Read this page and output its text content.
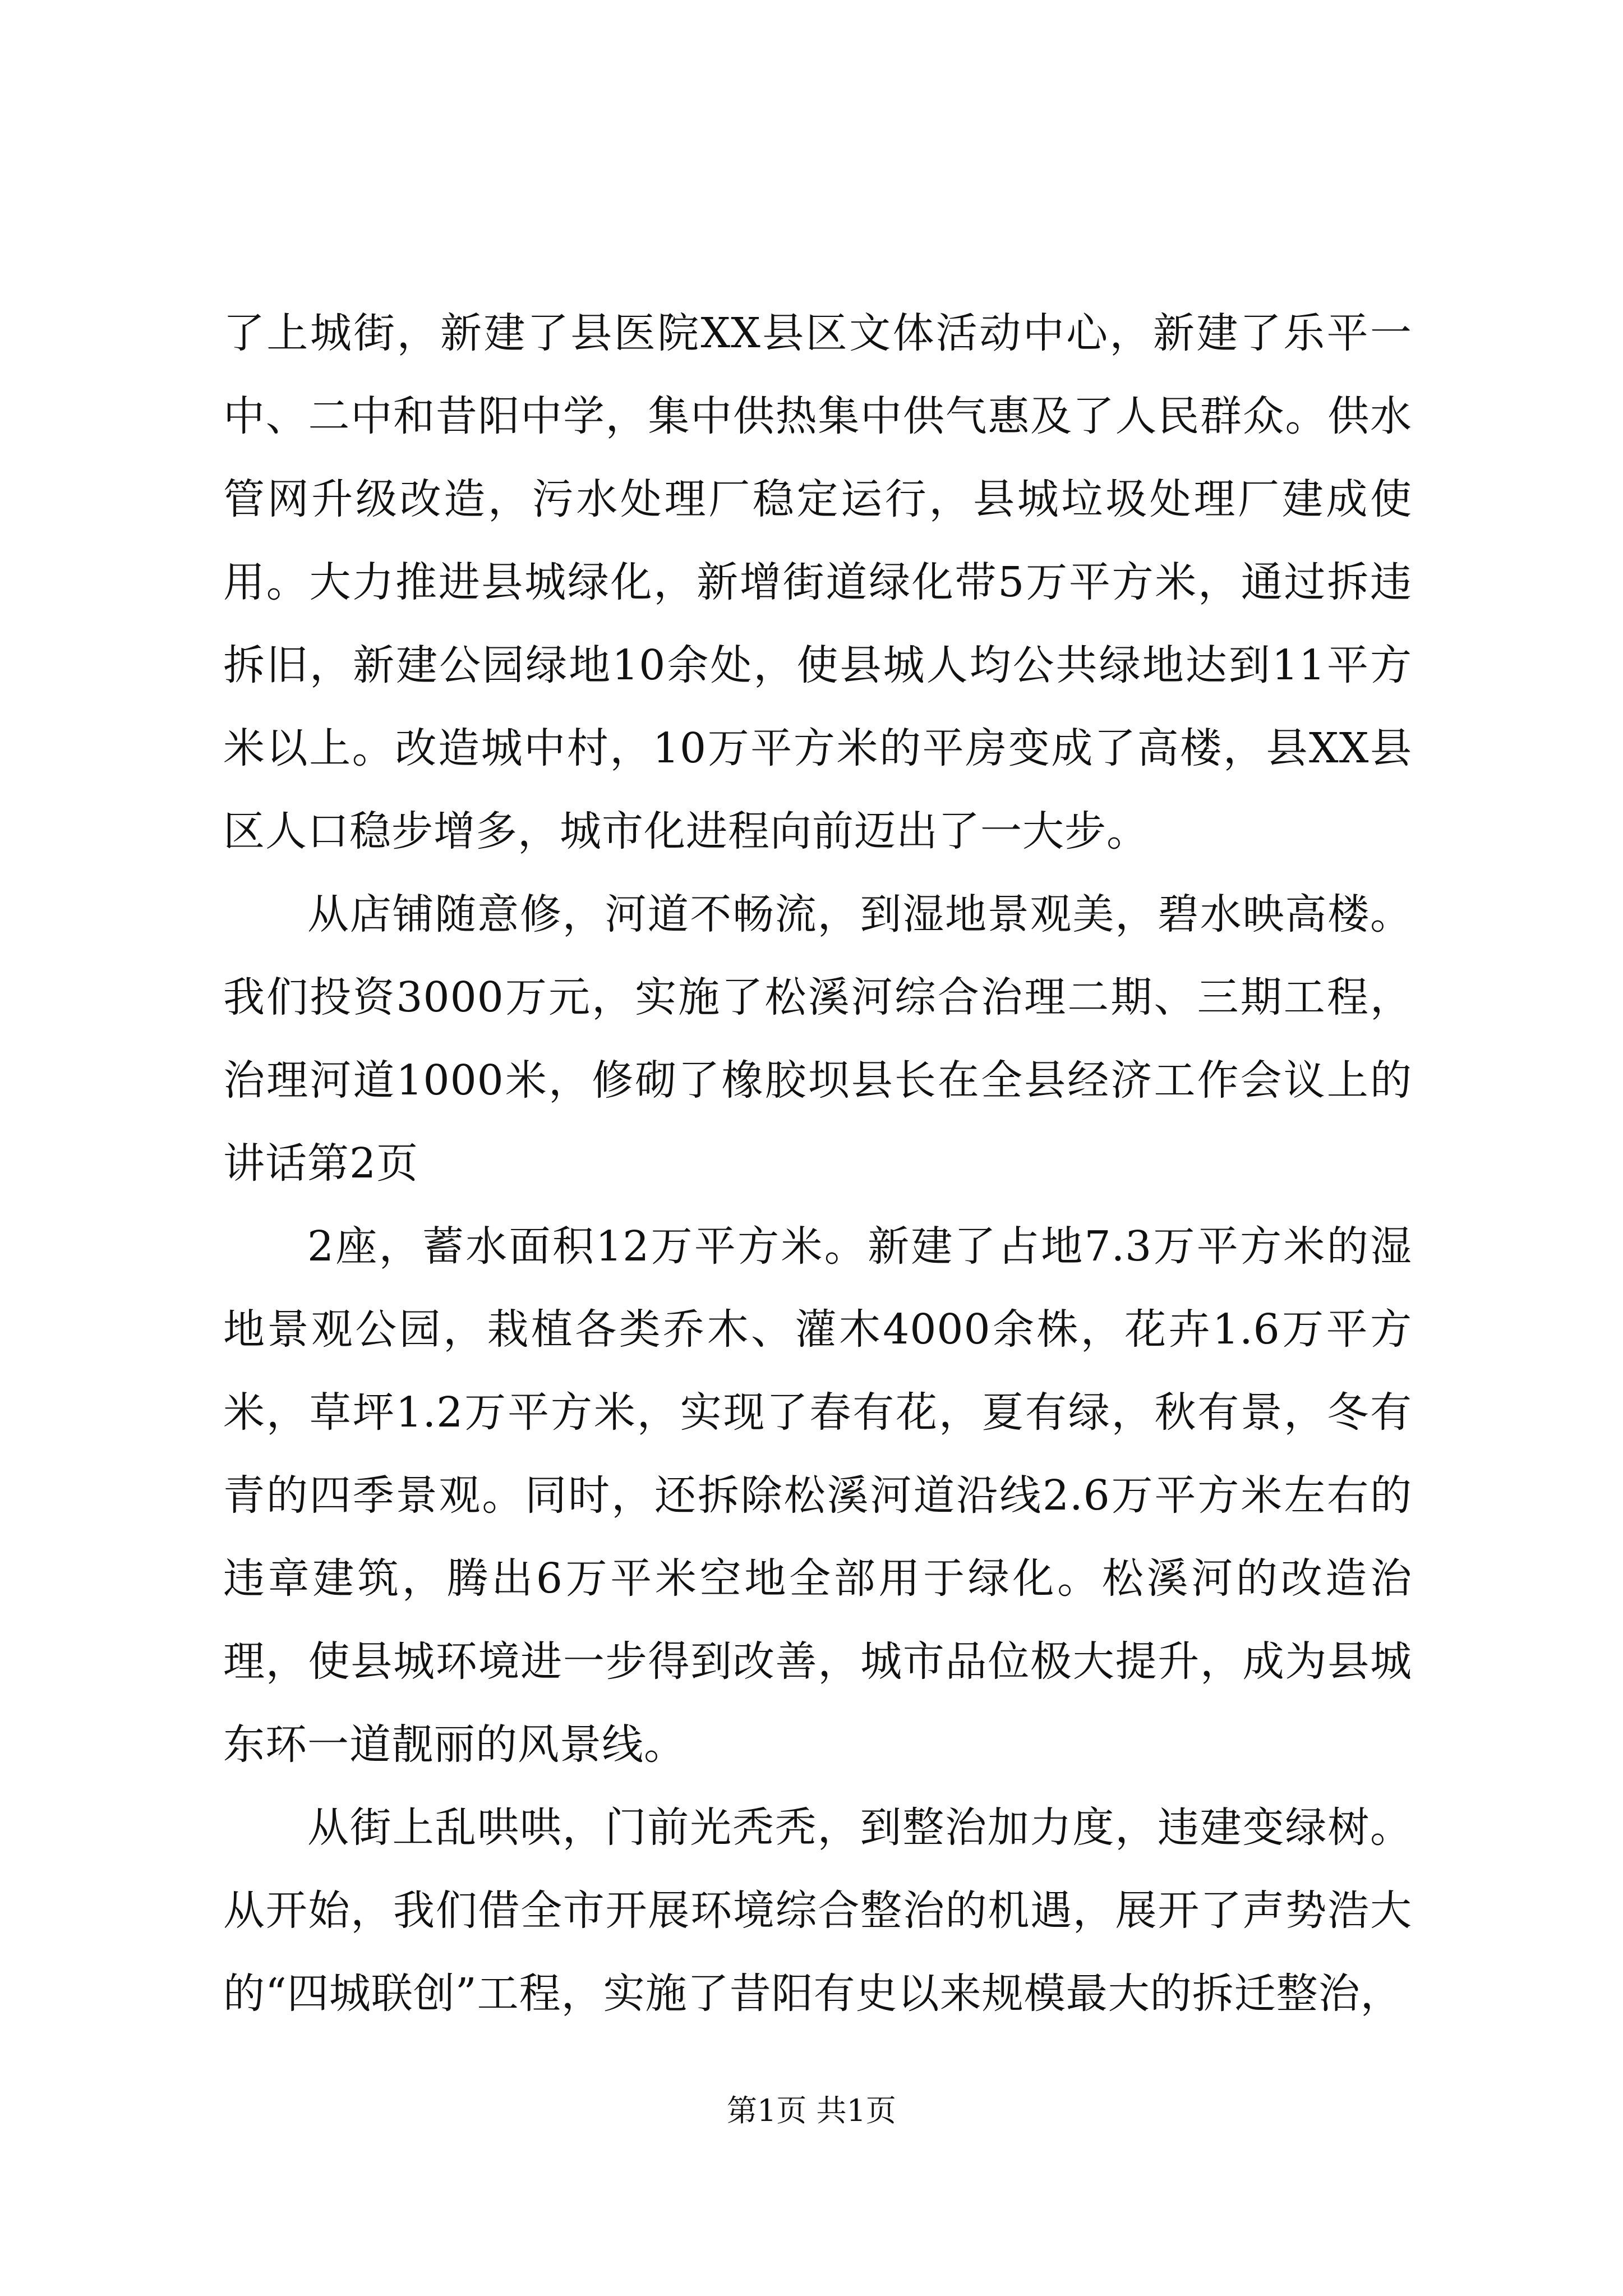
了上城街，新建了县医院XX县区文体活动中心，新建了乐平一中、二中和昔阳中学，集中供热集中供气惠及了人民群众。供水管网升级改造，污水处理厂稳定运行，县城垃圾处理厂建成使用。大力推进县城绿化，新增街道绿化带5万平方米，通过拆违拆旧，新建公园绿地10余处，使县城人均公共绿地达到11平方米以上。改造城中村，10万平方米的平房变成了高楼，县XX县区人口稳步增多，城市化进程向前迈出了一大步。

从店铺随意修，河道不畅流，到湿地景观美，碧水映高楼。我们投资3000万元，实施了松溪河综合治理二期、三期工程，治理河道1000米，修砌了橡胶坝县长在全县经济工作会议上的讲话第2页

2座，蓄水面积12万平方米。新建了占地7.3万平方米的湿地景观公园，栽植各类乔木、灌木4000余株，花卉1.6万平方米，草坪1.2万平方米，实现了春有花，夏有绿，秋有景，冬有青的四季景观。同时，还拆除松溪河道沿线2.6万平方米左右的违章建筑，腾出6万平米空地全部用于绿化。松溪河的改造治理，使县城环境进一步得到改善，城市品位极大提升，成为县城东环一道靓丽的风景线。

从街上乱哄哄，门前光秃秃，到整治加力度，违建变绿树。从开始，我们借全市开展环境综合整治的机遇，展开了声势浩大的“四城联创”工程，实施了昔阳有史以来规模最大的拆迁整治，

第1页 共1页
